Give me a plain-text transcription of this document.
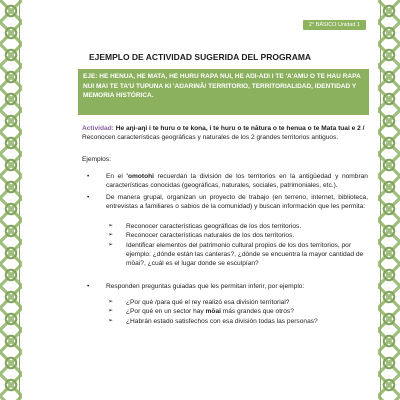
2° BÁSICO Unidad 1
EJEMPLO DE ACTIVIDAD SUGERIDA DEL PROGRAMA
EJE: HE HENUA, HE MATA, HE HURU RAPA NUI, HE AŊI-AŊI I TE 'A'AMU O TE HAU RAPA NUI MAI TE TA'U TUPUNA KI 'AŊARINĀ/ TERRITORIO, TERRITORIALIDAD, IDENTIDAD Y MEMORIA HISTÓRICA.

Actividad: He aŋi-aŋi i te huru o te kona, i te huru o te nātura o te henua o te Mata tuai e 2 /

Reconocen características geográficas y naturales de los 2 grandes territorios antiguos.

Ejemplos:

•	En el 'omotohi recuerdan la división de los territorios en la antigüedad y nombran características conocidas (geográficas, naturales, sociales, patrimoniales, etc.).

•	De manera grupal, organizan un proyecto de trabajo (en terreno, internet, biblioteca, entrevistas a familiares o sabios de la comunidad) y buscan información que les permita:

➢ Reconocer características geográficas de los dos territorios.

➢ Reconocer características naturales de los dos territorios.

➢ Identificar elementos del patrimonio cultural propios de los dos territorios, por ejemplo: ¿dónde están las canteras?, ¿dónde se encuentra la mayor cantidad de mōai?, ¿cuál es el lugar donde se esculpían?

•	Responden preguntas guiadas que les permitan inferir, por ejemplo:

➢ ¿Por qué /para qué el rey realizó esa división territorial?

➢ ¿Por qué en un sector hay mōai más grandes que otros?

➢ ¿Habrán estado satisfechos con esa división todas las personas?
